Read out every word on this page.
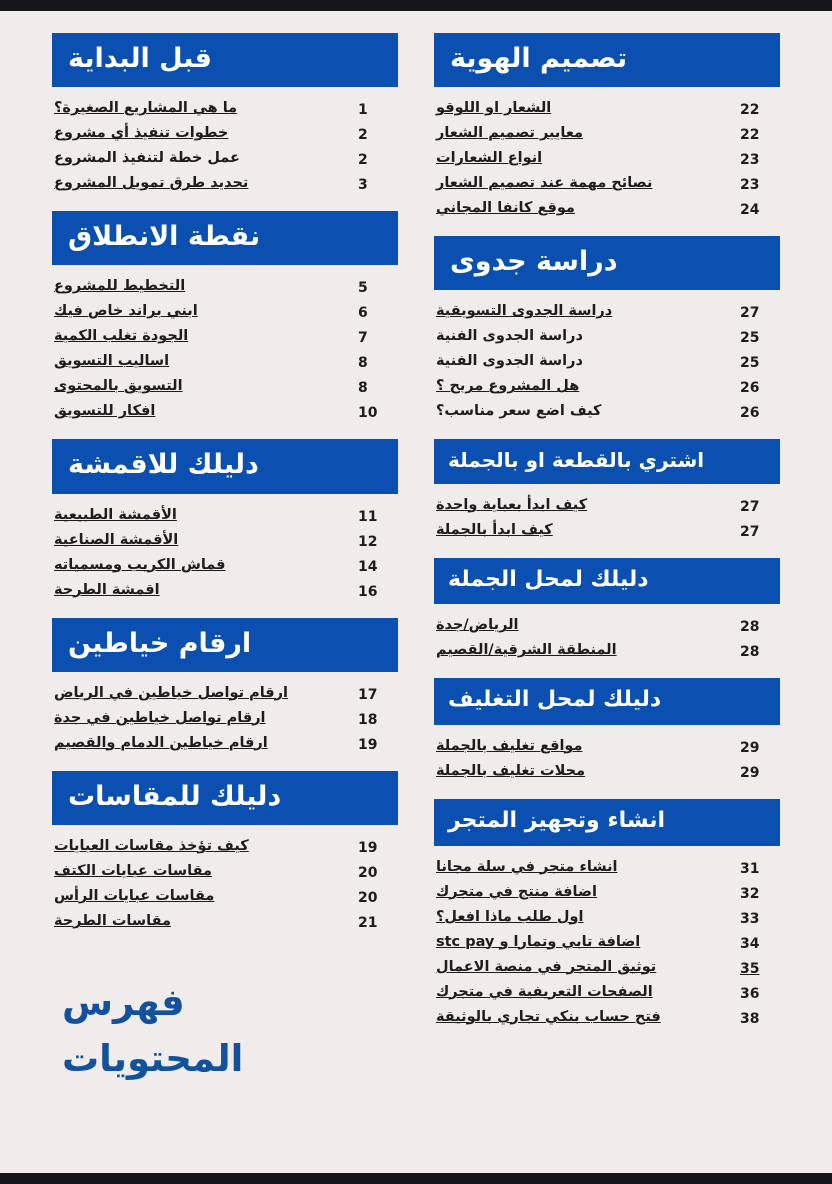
قبل البداية
1
ما هي المشاريع الصغيرة؟
2
خطوات تنفيذ أي مشروع
2
عمل خطة لتنفيذ المشروع
3
تحديد طرق تمويل المشروع
نقطة الانطلاق
5
التخطيط للمشروع
6
ابني براند خاص فيك
7
الجودة تغلب الكمية
8
اساليب التسويق
8
التسويق بالمحتوى
10
افكار للتسويق
دليلك للاقمشة
11
الأقمشة الطبيعية
12
الأقمشة الصناعية
14
قماش الكريب ومسمياته
16
اقمشة الطرحة
ارقام خياطين
17
ارقام تواصل خياطين في الرياض
18
ارقام تواصل خياطين في جدة
19
ارقام خياطين الدمام والقصيم
دليلك للمقاسات
19
كيف تؤخذ مقاسات العبايات
20
مقاسات عبايات الكتف
20
مقاسات عبايات الرأس
21
مقاسات الطرحة
فهرس
المحتويات
تصميم الهوية
22
الشعار او اللوقو
22
معايير تصميم الشعار
23
انواع الشعارات
23
نصائح مهمة عند تصميم الشعار
24
موقع كانفا المجاني
دراسة جدوى
27
دراسة الجدوى التسويقية
25
دراسة الجدوى الفنية
25
دراسة الجدوى الفنية
26
هل المشروع مربح ؟
26
كيف اضع سعر مناسب؟
اشتري بالقطعة او بالجملة
27
كيف ابدأ بعباية واحدة
27
كيف ابدأ بالجملة
دليلك لمحل الجملة
28
الرياض/جدة
28
المنطقة الشرقية/القصيم
دليلك لمحل التغليف
29
مواقع تغليف بالجملة
29
محلات تغليف بالجملة
انشاء وتجهيز المتجر
31
انشاء متجر في سلة مجانا
32
اضافة منتج في متجرك
33
اول طلب ماذا افعل؟
34
اضافة تابي وتمارا و stc pay
35
توثيق المتجر في منصة الاعمال
36
الصفحات التعريفية في متجرك
38
فتح حساب بنكي تجاري بالوثيقة
